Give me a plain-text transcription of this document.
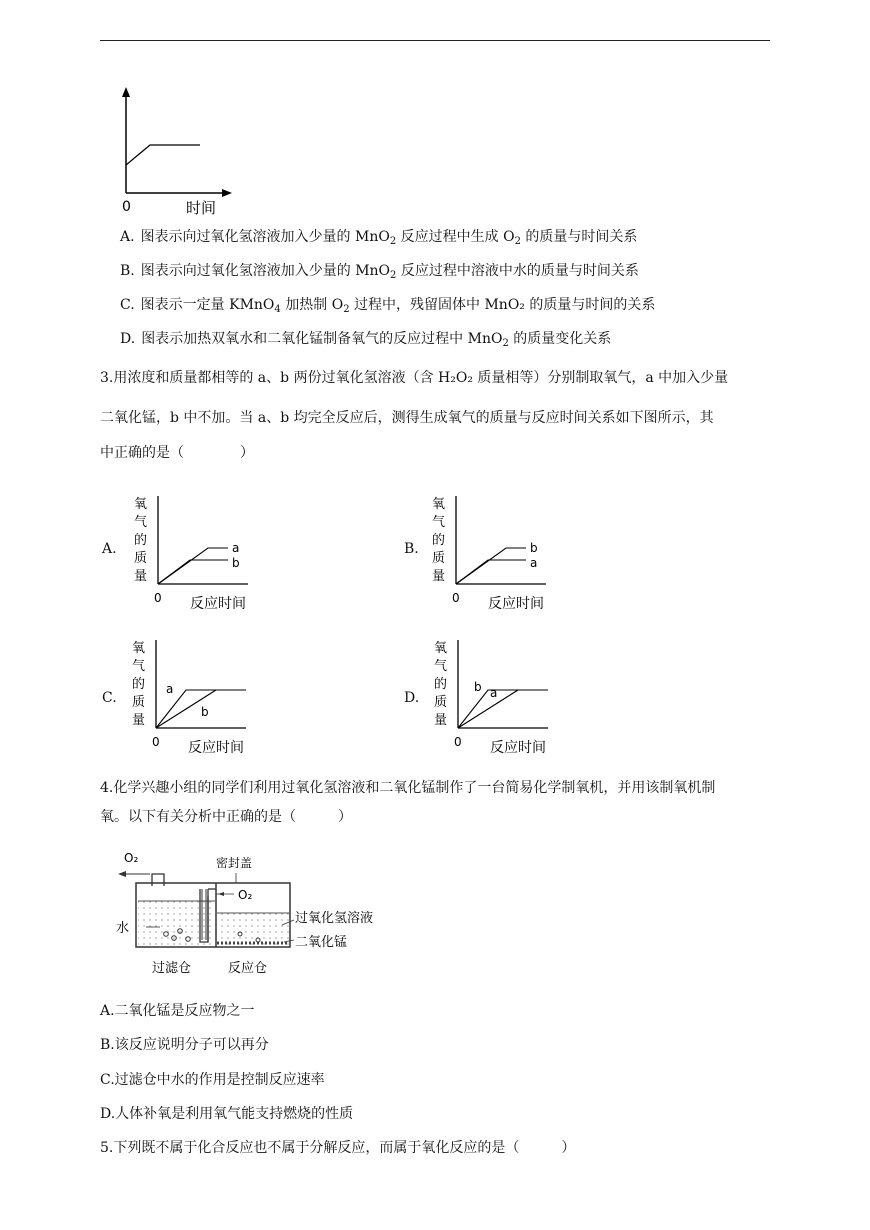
0	时间
A. 图表示向过氧化氢溶液加入少量的 MnO$_2$ 反应过程中生成 $O_2$ 的质量与时间关系
B. 图表示向过氧化氢溶液加入少量的 MnO$_2$ 反应过程中溶液中水的质量与时间关系
C. 图表示一定量 KMnO$_4$ 加热制 $O_2$ 过程中，残留固体中 MnO₂ 的质量与时间的关系
D. 图表示加热双氧水和二氧化锰制备氧气的反应过程中 MnO$_2$ 的质量变化关系
3.用浓度和质量都相等的 a、b 两份过氧化氢溶液（含 H₂O₂ 质量相等）分别制取氧气，a 中加入少量
二氧化锰，b 中不加。当 a、b 均完全反应后，测得生成氧气的质量与反应时间关系如下图所示，其
中正确的是（　　　　）
A.
氧
气
的
质
量
0 反应时间
a
b
B.
氧
气
的
质
量
0 反应时间
b
a
C.
氧
气
的
质
量
0 反应时间
a
b
D.
氧
气
的
质
量
0 反应时间
b a
4.化学兴趣小组的同学们利用过氧化氢溶液和二氧化锰制作了一台简易化学制氧机，并用该制氧机制
氧。以下有关分析中正确的是（　　　）
O₂	密封盖
O₂
过氧化氢溶液
水
二氧化锰
过滤仓	反应仓
A.二氧化锰是反应物之一
B.该反应说明分子可以再分
C.过滤仓中水的作用是控制反应速率
D.人体补氧是利用氧气能支持燃烧的性质
5.下列既不属于化合反应也不属于分解反应，而属于氧化反应的是（　　　）
